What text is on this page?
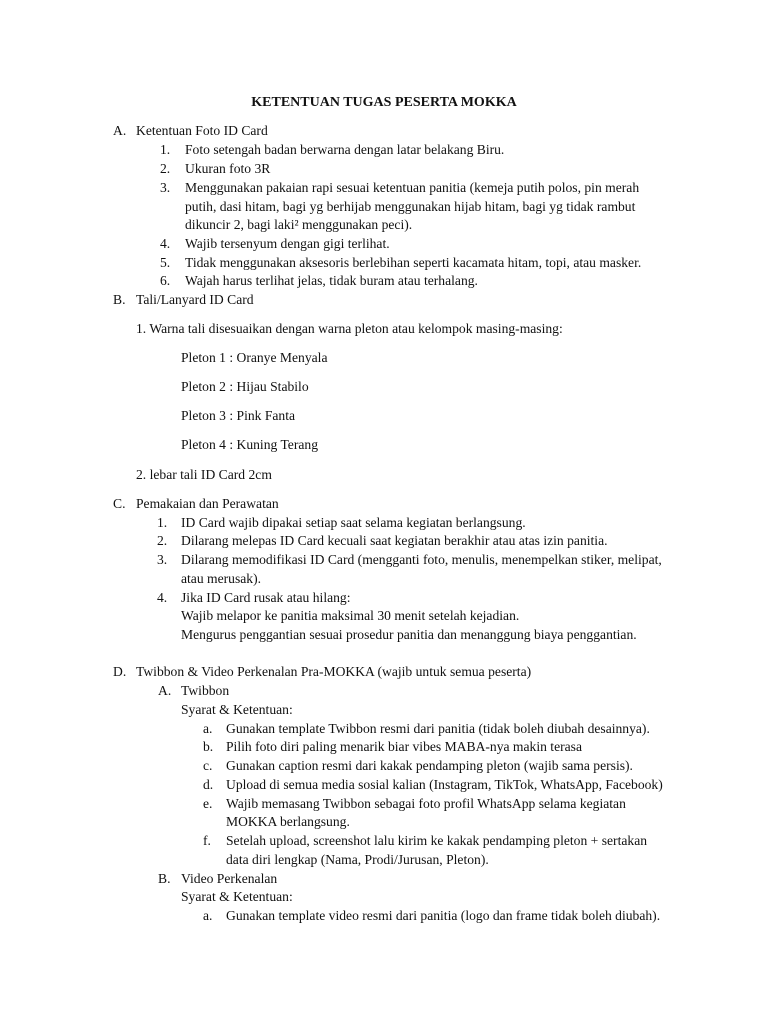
KETENTUAN TUGAS PESERTA MOKKA
A. Ketentuan Foto ID Card
1. Foto setengah badan berwarna dengan latar belakang Biru.
2. Ukuran foto 3R
3. Menggunakan pakaian rapi sesuai ketentuan panitia (kemeja putih polos, pin merah
putih, dasi hitam, bagi yg berhijab menggunakan hijab hitam, bagi yg tidak rambut
dikuncir 2, bagi laki² menggunakan peci).
4. Wajib tersenyum dengan gigi terlihat.
5. Tidak menggunakan aksesoris berlebihan seperti kacamata hitam, topi, atau masker.
6. Wajah harus terlihat jelas, tidak buram atau terhalang.
B. Tali/Lanyard ID Card
1. Warna tali disesuaikan dengan warna pleton atau kelompok masing-masing:
Pleton 1 : Oranye Menyala
Pleton 2 : Hijau Stabilo
Pleton 3 : Pink Fanta
Pleton 4 : Kuning Terang
2. lebar tali ID Card 2cm
C. Pemakaian dan Perawatan
1. ID Card wajib dipakai setiap saat selama kegiatan berlangsung.
2. Dilarang melepas ID Card kecuali saat kegiatan berakhir atau atas izin panitia.
3. Dilarang memodifikasi ID Card (mengganti foto, menulis, menempelkan stiker, melipat,
atau merusak).
4. Jika ID Card rusak atau hilang:
Wajib melapor ke panitia maksimal 30 menit setelah kejadian.
Mengurus penggantian sesuai prosedur panitia dan menanggung biaya penggantian.
D. Twibbon & Video Perkenalan Pra-MOKKA (wajib untuk semua peserta)
A. Twibbon
Syarat & Ketentuan:
a. Gunakan template Twibbon resmi dari panitia (tidak boleh diubah desainnya).
b. Pilih foto diri paling menarik biar vibes MABA-nya makin terasa
c. Gunakan caption resmi dari kakak pendamping pleton (wajib sama persis).
d. Upload di semua media sosial kalian (Instagram, TikTok, WhatsApp, Facebook)
e. Wajib memasang Twibbon sebagai foto profil WhatsApp selama kegiatan
MOKKA berlangsung.
f. Setelah upload, screenshot lalu kirim ke kakak pendamping pleton + sertakan
data diri lengkap (Nama, Prodi/Jurusan, Pleton).
B. Video Perkenalan
Syarat & Ketentuan:
a. Gunakan template video resmi dari panitia (logo dan frame tidak boleh diubah).
